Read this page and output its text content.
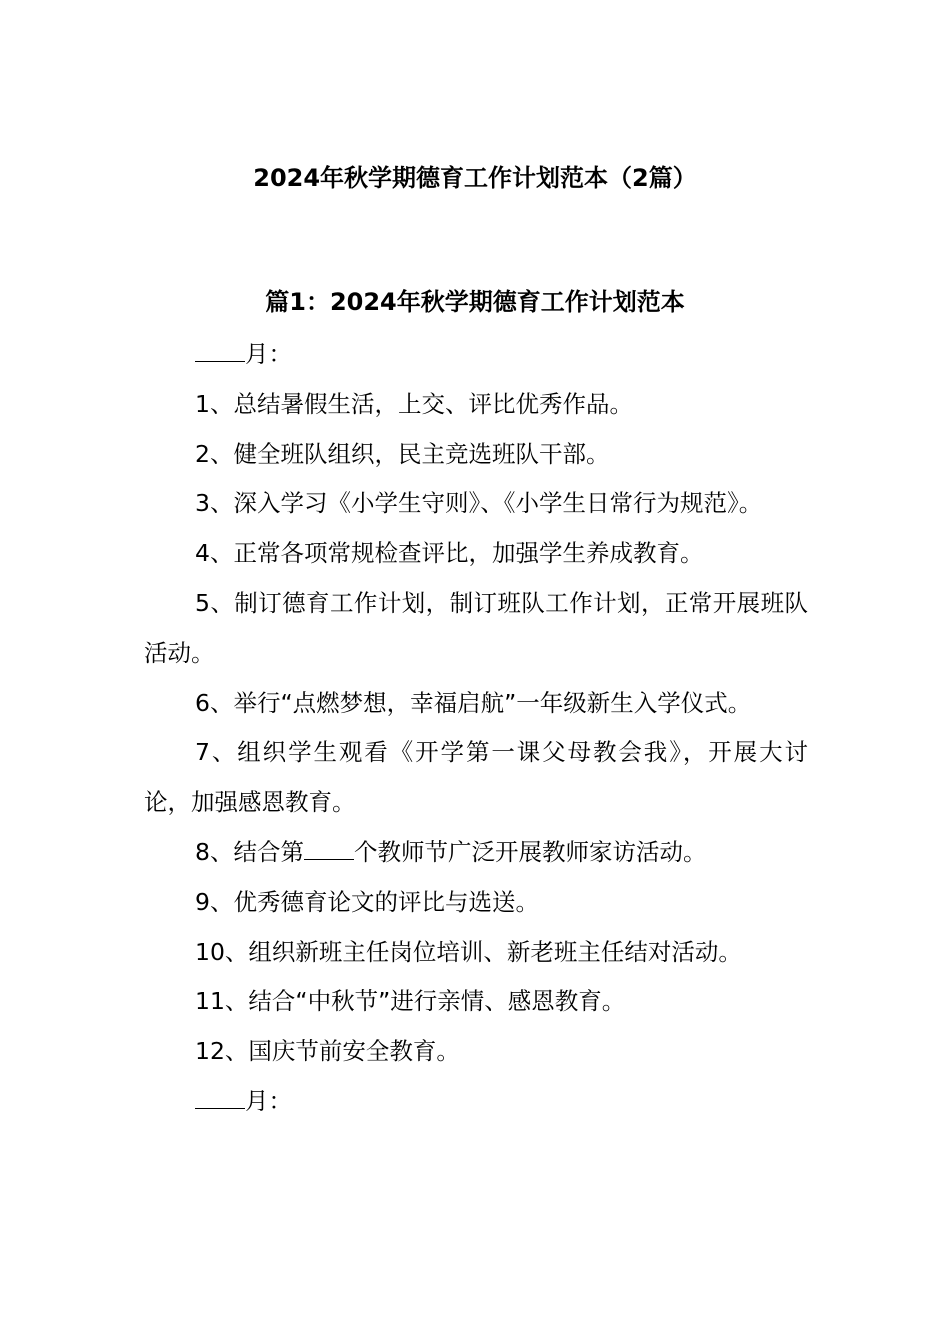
2024年秋学期德育工作计划范本（2篇）
篇1：2024年秋学期德育工作计划范本

月：

1、总结暑假生活，上交、评比优秀作品。

2、健全班队组织，民主竞选班队干部。

3、深入学习《小学生守则》、《小学生日常行为规范》。

4、正常各项常规检查评比，加强学生养成教育。

5、制订德育工作计划，制订班队工作计划，正常开展班队活动。

6、举行“点燃梦想，幸福启航”一年级新生入学仪式。

7、组织学生观看《开学第一课父母教会我》，开展大讨论，加强感恩教育。

8、结合第 个教师节广泛开展教师家访活动。

9、优秀德育论文的评比与选送。

10、组织新班主任岗位培训、新老班主任结对活动。

11、结合“中秋节”进行亲情、感恩教育。

12、国庆节前安全教育。

月：
